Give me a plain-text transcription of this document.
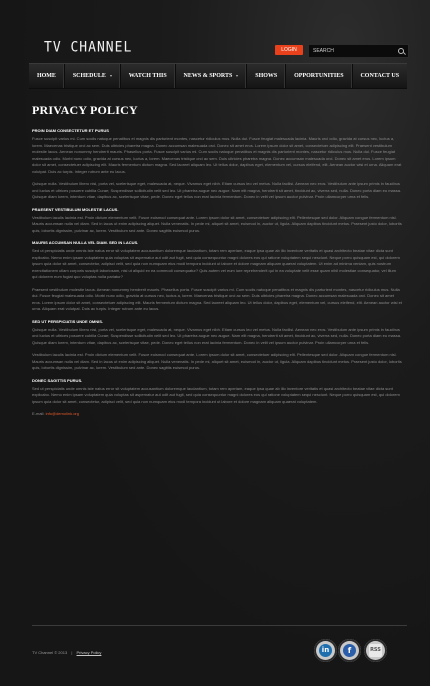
TV CHANNEL	LOGIN	SEARCH
HOME	SCHEDULE	WATCH THIS	NEWS & SPORTS	SHOWS	OPPORTUNITIES	CONTACT US
PRIVACY POLICY
PROIN DIAM CONSECTETUR ET PURUS

Fusce suscipit varius mi. Cum sociis natoque penatibus et magnis dis parturient montes, nascetur ridiculus mus. Nulla dui. Fusce feugiat malesuada lacinia. Mauris orci odio, gravida at cursus nec, luctus a, lorem. Maecenas tristique orci ac sem. Duis ultricies pharetra magna. Donec accumsan malesuada orci. Donec sit amet eros. Lorem ipsum dolor sit amet, consectetuer adipiscing elit. Praesent vestibulum molestie lacus. Aenean nonummy hendrerit mauris. Phasellus porta. Fusce suscipit varius mi. Cum sociis natoque penatibus et magnis dis parturient montes, nascetur ridiculus mus. Nulla dui. Fusce feugiat malesuada odio. Morbi nunc odio, gravida at cursus nec, luctus a, lorem. Maecenas tristique orci ac sem. Duis ultricies pharetra magna. Donec accumsan malesuada orci. Donec sit amet eros. Lorem ipsum dolor sit amet, consectetuer adipiscing elit. Mauris fermentum dictum magna. Sed laoreet aliquam leo. Ut tellus dolor, dapibus eget, elementum vel, cursus eleifend, elit. Aenean auctor wisi et urna. Aliquam erat volutpat. Duis ac turpis. Integer rutrum ante eu lacus.

Quisque nulla. Vestibulum libero nisl, porta vel, scelerisque eget, malesuada at, neque. Vivamus eget nibh. Etiam cursus leo vel metus. Nulla facilisi. Aenean nec eros. Vestibulum ante ipsum primis in faucibus orci luctus et ultrices posuere cubilia Curae; Suspendisse sollicitudin velit sed leo. Ut pharetra augue nec augue. Nam elit magna, hendrerit sit amet, tincidunt ac, viverra sed, nulla. Donec porta diam eu massa. Quisque diam lorem, interdum vitae, dapibus ac, scelerisque vitae, pede. Donec eget tellus non erat lacinia fermentum. Donec in velit vel ipsum auctor pulvinar. Proin ullamcorper urna et felis.

PRAESENT VESTIBULUM MOLESTIE LACUS.

Vestibulum iaculis lacinia est. Proin dictum elementum velit. Fusce euismod consequat ante. Lorem ipsum dolor sit amet, consectetuer adipiscing elit. Pellentesque sed dolor. Aliquam congue fermentum nisl. Mauris accumsan nulla vel diam. Sed in lacus ut enim adipiscing aliquet. Nulla venenatis. In pede mi, aliquet sit amet, euismod in, auctor ut, ligula. Aliquam dapibus tincidunt metus. Praesent justo dolor, lobortis quis, lobortis dignissim, pulvinar ac, lorem. Vestibulum sed ante. Donec sagittis euismod purus.

MAURIS ACCUMSAN NULLA VEL DIAM. SED IN LACUS.

Sed ut perspiciatis unde omnis iste natus error sit voluptatem accusantium doloremque laudantium, totam rem aperiam, eaque ipsa quae ab illo inventore veritatis et quasi architecto beatae vitae dicta sunt explicabo. Nemo enim ipsam voluptatem quia voluptas sit aspernatur aut odit aut fugit, sed quia consequuntur magni dolores eos qui ratione voluptatem sequi nesciunt. Neque porro quisquam est, qui dolorem ipsum quia dolor sit amet, consectetur, adipisci velit, sed quia non numquam eius modi tempora incidunt ut labore et dolore magnam aliquam quaerat voluptatem. Ut enim ad minima veniam, quis nostrum exercitationem ullam corporis suscipit laboriosam, nisi ut aliquid ex ea commodi consequatur? Quis autem vel eum iure reprehenderit qui in ea voluptate velit esse quam nihil molestiae consequatur, vel illum qui dolorem eum fugiat quo voluptas nulla pariatur?

Praesent vestibulum molestie lacus. Aenean nonummy hendrerit mauris. Phasellus porta. Fusce suscipit varius mi. Cum sociis natoque penatibus et magnis dis parturient montes, nascetur ridiculus mus. Nulla dui. Fusce feugiat malesuada odio. Morbi nunc odio, gravida at cursus nec, luctus a, lorem. Maecenas tristique orci ac sem. Duis ultricies pharetra magna. Donec accumsan malesuada orci. Donec sit amet eros. Lorem ipsum dolor sit amet, consectetuer adipiscing elit. Mauris fermentum dictum magna. Sed laoreet aliquam leo. Ut tellus dolor, dapibus eget, elementum vel, cursus eleifend, elit. Aenean auctor wisi et urna. Aliquam erat volutpat. Duis ac turpis. Integer rutrum ante eu lacus.

SED UT PERSPICIATIS UNDE OMNIS.

Quisque nulla. Vestibulum libero nisl, porta vel, scelerisque eget, malesuada at, neque. Vivamus eget nibh. Etiam cursus leo vel metus. Nulla facilisi. Aenean nec eros. Vestibulum ante ipsum primis in faucibus orci luctus et ultrices posuere cubilia Curae; Suspendisse sollicitudin velit sed leo. Ut pharetra augue nec augue. Nam elit magna, hendrerit sit amet, tincidunt ac, viverra sed, nulla. Donec porta diam eu massa. Quisque diam lorem, interdum vitae, dapibus ac, scelerisque vitae, pede. Donec eget tellus non erat lacinia fermentum. Donec in velit vel ipsum auctor pulvinar. Proin ullamcorper urna et felis.

Vestibulum iaculis lacinia est. Proin dictum elementum velit. Fusce euismod consequat ante. Lorem ipsum dolor sit amet, consectetuer adipiscing elit. Pellentesque sed dolor. Aliquam congue fermentum nisl. Mauris accumsan nulla vel diam. Sed in lacus ut enim adipiscing aliquet. Nulla venenatis. In pede mi, aliquet sit amet, euismod in, auctor ut, ligula. Aliquam dapibus tincidunt metus. Praesent justo dolor, lobortis quis, lobortis dignissim, pulvinar ac, lorem. Vestibulum sed ante. Donec sagittis euismod purus.

DONEC SAGITTIS PURUS.

Sed ut perspiciatis unde omnis iste natus error sit voluptatem accusantium doloremque laudantium, totam rem aperiam, eaque ipsa quae ab illo inventore veritatis et quasi architecto beatae vitae dicta sunt explicabo. Nemo enim ipsam voluptatem quia voluptas sit aspernatur aut odit aut fugit, sed quia consequuntur magni dolores eos qui ratione voluptatem sequi nesciunt. Neque porro quisquam est, qui dolorem ipsum quia dolor sit amet, consectetur, adipisci velit, sed quia non numquam eius modi tempora incidunt ut labore et dolore magnam aliquam quaerat voluptatem.

E-mail: info@demolink.org
TV Channel © 2013 | Privacy Policy	in	f	RSS
